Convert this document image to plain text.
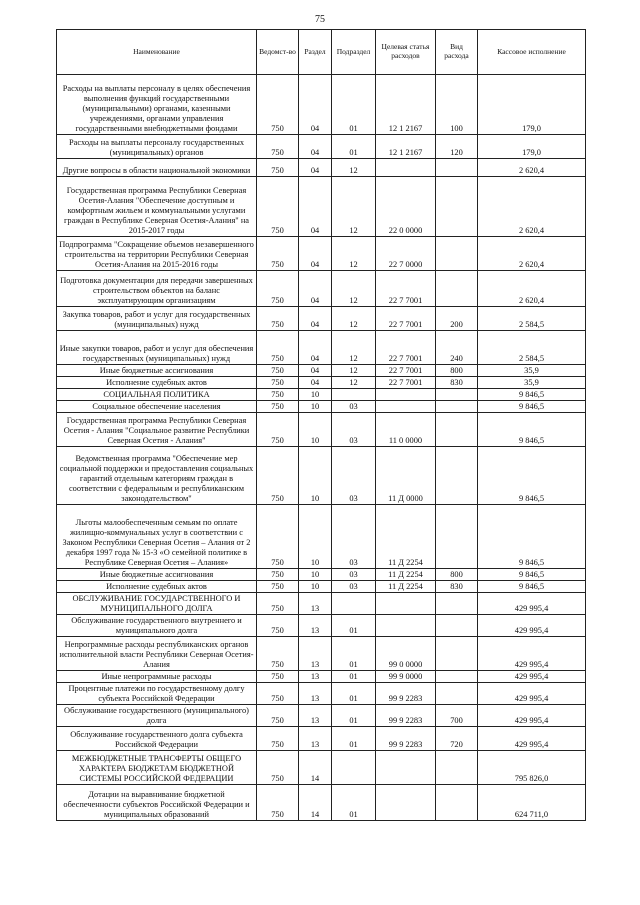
75
Наименование	Ведомст-во	Раздел	Подраздел	Целевая статья расходов	Вид расхода	Кассовое исполнение
Расходы на выплаты персоналу в целях обеспечения выполнения функций государственными (муниципальными) органами, казенными учреждениями, органами управления государственными внебюджетными фондами	750	04	01	12 1 2167	100	179,0
Расходы на выплаты персоналу государственных (муниципальных) органов	750	04	01	12 1 2167	120	179,0
Другие вопросы в области национальной экономики	750	04	12			2 620,4
Государственная программа Республики Северная Осетия-Алания "Обеспечение доступным и комфортным жильем и коммунальными услугами граждан в Республике Северная Осетия-Алания" на 2015-2017 годы	750	04	12	22 0 0000		2 620,4
Подпрограмма "Сокращение объемов незавершенного строительства на территории Республики Северная Осетия-Алания на 2015-2016 годы	750	04	12	22 7 0000		2 620,4
Подготовка документации для передачи завершенных строительством объектов на баланс эксплуатирующим организациям	750	04	12	22 7 7001		2 620,4
Закупка товаров, работ и услуг для государственных (муниципальных) нужд	750	04	12	22 7 7001	200	2 584,5
Иные закупки товаров, работ и услуг для обеспечения государственных (муниципальных) нужд	750	04	12	22 7 7001	240	2 584,5
Иные бюджетные ассигнования	750	04	12	22 7 7001	800	35,9
Исполнение судебных актов	750	04	12	22 7 7001	830	35,9
СОЦИАЛЬНАЯ ПОЛИТИКА	750	10				9 846,5
Социальное обеспечение населения	750	10	03			9 846,5
Государственная программа Республики Северная Осетия - Алания "Социальное развитие Республики Северная Осетия - Алания"	750	10	03	11 0 0000		9 846,5
Ведомственная программа "Обеспечение мер социальной поддержки и предоставления социальных гарантий отдельным категориям граждан в соответствии с федеральным и республиканским законодательством"	750	10	03	11 Д 0000		9 846,5
Льготы малообеспеченным семьям по оплате жилищно-коммунальных услуг в соответствии с Законом Республики Северная Осетия – Алания от 2 декабря 1997 года № 15-З «О семейной политике в Республике Северная Осетия – Алания»	750	10	03	11 Д 2254		9 846,5
Иные бюджетные ассигнования	750	10	03	11 Д 2254	800	9 846,5
Исполнение судебных актов	750	10	03	11 Д 2254	830	9 846,5
ОБСЛУЖИВАНИЕ ГОСУДАРСТВЕННОГО И МУНИЦИПАЛЬНОГО ДОЛГА	750	13				429 995,4
Обслуживание государственного внутреннего и муниципального долга	750	13	01			429 995,4
Непрограммные расходы республиканских органов исполнительной власти Республики Северная Осетия-Алания	750	13	01	99 0 0000		429 995,4
Иные непрограммные расходы	750	13	01	99 9 0000		429 995,4
Процентные платежи по государственному долгу субъекта Российской Федерации	750	13	01	99 9 2283		429 995,4
Обслуживание государственного (муниципального) долга	750	13	01	99 9 2283	700	429 995,4
Обслуживание государственного долга субъекта Российской Федерации	750	13	01	99 9 2283	720	429 995,4
МЕЖБЮДЖЕТНЫЕ ТРАНСФЕРТЫ ОБЩЕГО ХАРАКТЕРА БЮДЖЕТАМ БЮДЖЕТНОЙ СИСТЕМЫ РОССИЙСКОЙ ФЕДЕРАЦИИ	750	14				795 826,0
Дотации на выравнивание бюджетной обеспеченности субъектов Российской Федерации и муниципальных образований	750	14	01			624 711,0
